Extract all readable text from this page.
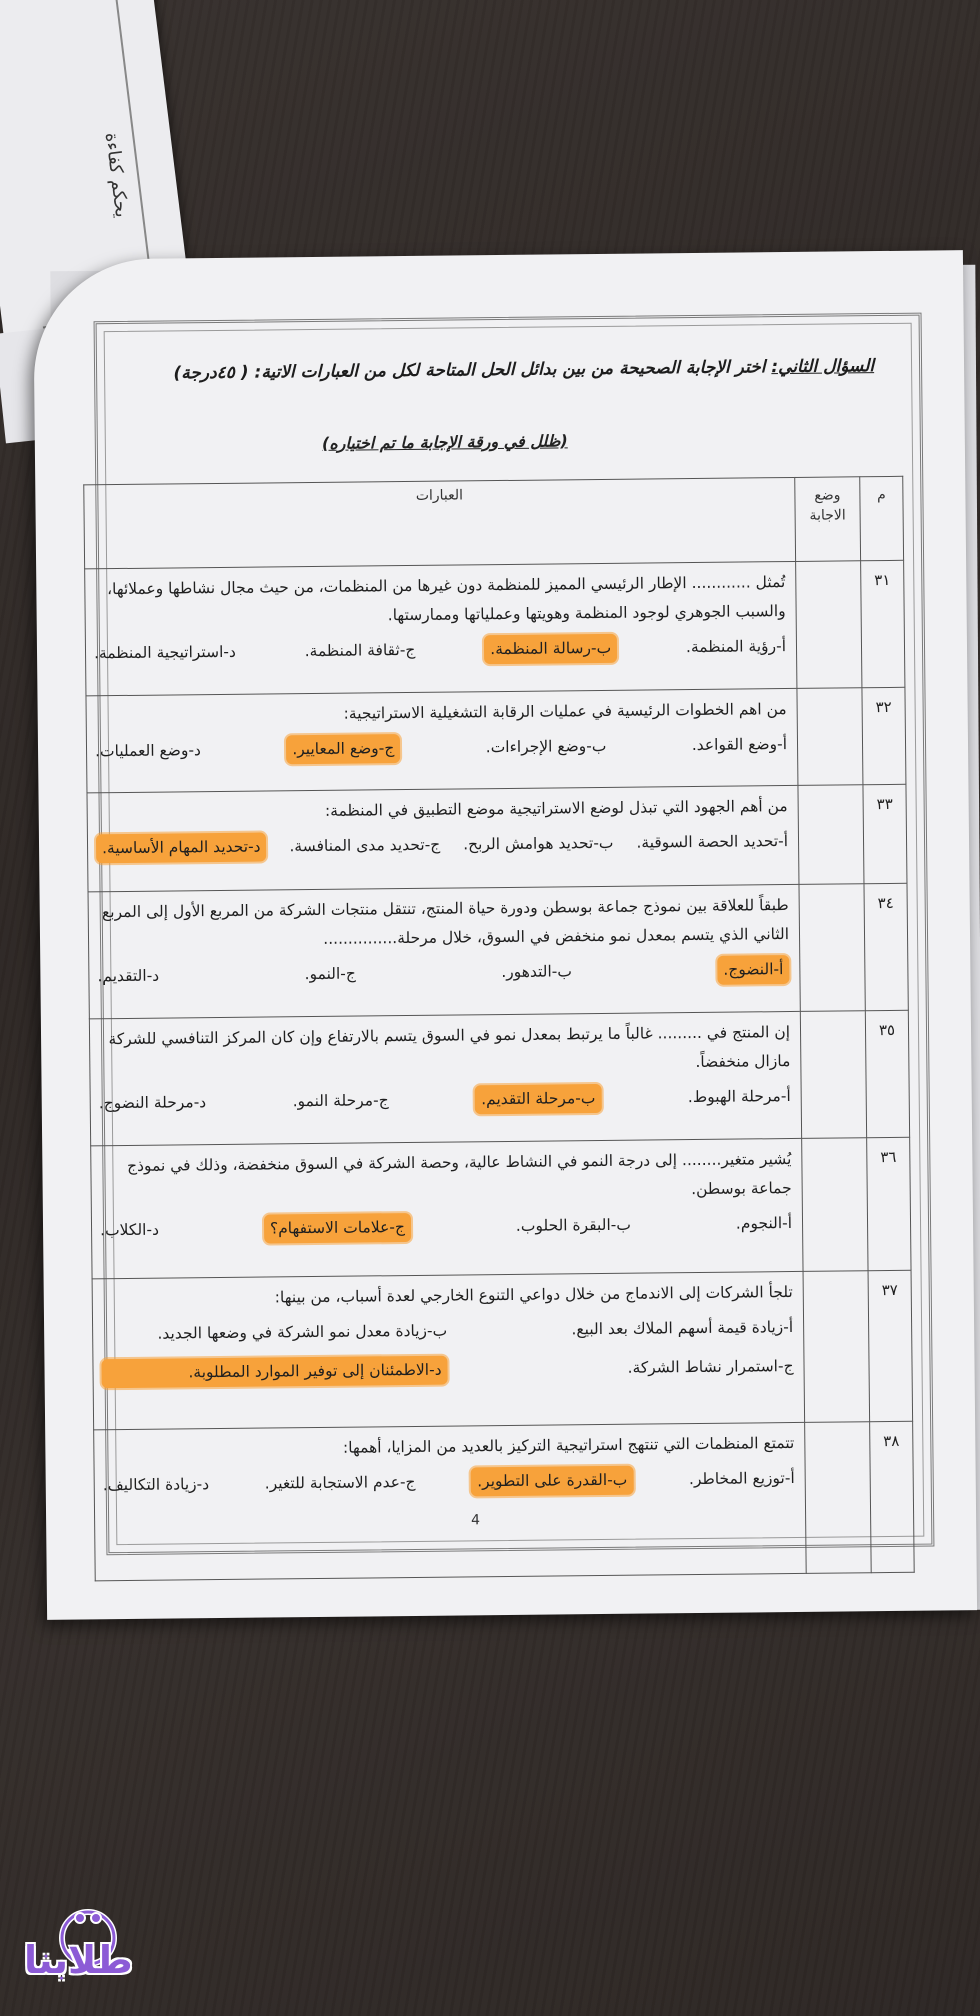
يحكم كفاءة
السؤال الثاني: اختر الإجابة الصحيحة من بين بدائل الحل المتاحة لكل من العبارات الاتية: ( ٤٥درجة)
(ظلل في ورقة الإجابة ما تم اختياره)
م	وضع الاجابة	العبارات
٣١		تُمثل ............ الإطار الرئيسي المميز للمنظمة دون غيرها من المنظمات، من حيث مجال نشاطها وعملائها، والسبب الجوهري لوجود المنظمة وهويتها وعملياتها وممارستها.
أ-رؤية المنظمة.
ب-رسالة المنظمة.
ج-ثقافة المنظمة.
د-استراتيجية المنظمة.

٣٢		من اهم الخطوات الرئيسية في عمليات الرقابة التشغيلية الاستراتيجية:
أ-وضع القواعد.
ب-وضع الإجراءات.
ج-وضع المعايير.
د-وضع العمليات.

٣٣		من أهم الجهود التي تبذل لوضع الاستراتيجية موضع التطبيق في المنظمة:
أ-تحديد الحصة السوقية.
ب-تحديد هوامش الربح.
ج-تحديد مدى المنافسة.
د-تحديد المهام الأساسية.

٣٤		طبقاً للعلاقة بين نموذج جماعة بوسطن ودورة حياة المنتج، تنتقل منتجات الشركة من المربع الأول إلى المربع الثاني الذي يتسم بمعدل نمو منخفض في السوق، خلال مرحلة...............
أ-النضوج.
ب-التدهور.
ج-النمو.
د-التقديم.

٣٥		إن المنتج في ......... غالباً ما يرتبط بمعدل نمو في السوق يتسم بالارتفاع وإن كان المركز التنافسي للشركة مازال منخفضاً.
أ-مرحلة الهبوط.
ب-مرحلة التقديم.
ج-مرحلة النمو.
د-مرحلة النضوج.

٣٦		يُشير متغير........ إلى درجة النمو في النشاط عالية، وحصة الشركة في السوق منخفضة، وذلك في نموذج جماعة بوسطن.
أ-النجوم.
ب-البقرة الحلوب.
ج-علامات الاستفهام؟
د-الكلاب.

٣٧		تلجأ الشركات إلى الاندماج من خلال دواعي التنوع الخارجي لعدة أسباب، من بينها:
أ-زيادة قيمة أسهم الملاك بعد البيع.
ب-زيادة معدل نمو الشركة في وضعها الجديد.
ج-استمرار نشاط الشركة.
د-الاطمئنان إلى توفير الموارد المطلوبة.

٣٨		تتمتع المنظمات التي تنتهج استراتيجية التركيز بالعديد من المزايا، أهمها:
أ-توزيع المخاطر.
ب-القدرة على التطوير.
ج-عدم الاستجابة للتغير.
د-زيادة التكاليف.
4
طلابنا
